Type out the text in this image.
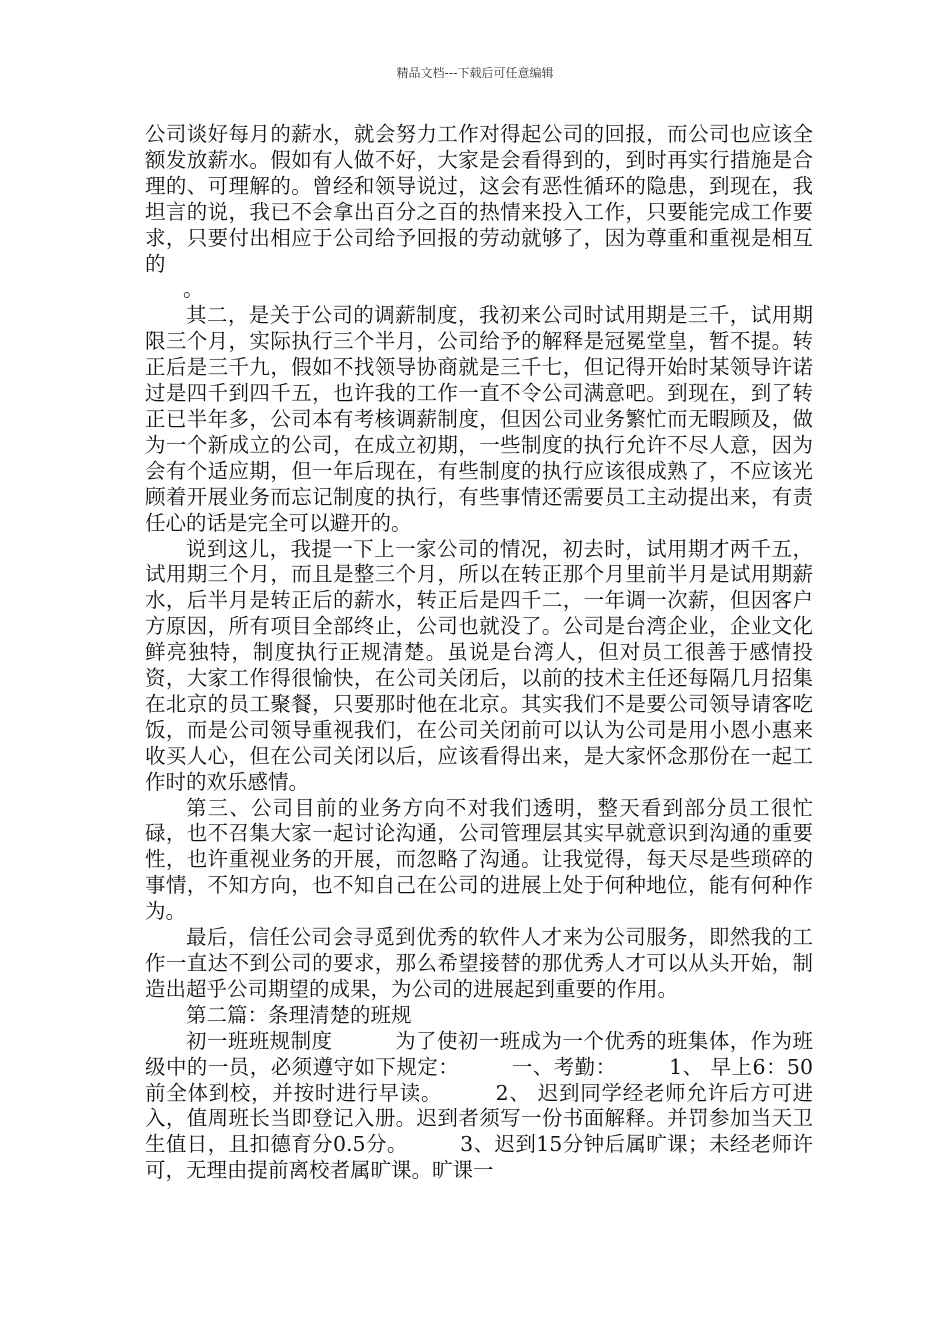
精品文档---下载后可任意编辑

公司谈好每月的薪水，就会努力工作对得起公司的回报，而公司也应该全额发放薪水。假如有人做不好，大家是会看得到的，到时再实行措施是合理的、可理解的。曾经和领导说过，这会有恶性循环的隐患，到现在，我坦言的说，我已不会拿出百分之百的热情来投入工作，只要能完成工作要求，只要付出相应于公司给予回报的劳动就够了，因为尊重和重视是相互的

。

其二，是关于公司的调薪制度，我初来公司时试用期是三千，试用期限三个月，实际执行三个半月，公司给予的解释是冠冕堂皇，暂不提。转正后是三千九，假如不找领导协商就是三千七，但记得开始时某领导许诺过是四千到四千五，也许我的工作一直不令公司满意吧。到现在，到了转正已半年多，公司本有考核调薪制度，但因公司业务繁忙而无暇顾及，做为一个新成立的公司，在成立初期，一些制度的执行允许不尽人意，因为会有个适应期，但一年后现在，有些制度的执行应该很成熟了，不应该光顾着开展业务而忘记制度的执行，有些事情还需要员工主动提出来，有责任心的话是完全可以避开的。

说到这儿，我提一下上一家公司的情况，初去时，试用期才两千五，试用期三个月，而且是整三个月，所以在转正那个月里前半月是试用期薪水，后半月是转正后的薪水，转正后是四千二，一年调一次薪，但因客户方原因，所有项目全部终止，公司也就没了。公司是台湾企业，企业文化鲜亮独特，制度执行正规清楚。虽说是台湾人，但对员工很善于感情投资，大家工作得很愉快，在公司关闭后，以前的技术主任还每隔几月招集在北京的员工聚餐，只要那时他在北京。其实我们不是要公司领导请客吃饭，而是公司领导重视我们，在公司关闭前可以认为公司是用小恩小惠来收买人心，但在公司关闭以后，应该看得出来，是大家怀念那份在一起工作时的欢乐感情。

第三、公司目前的业务方向不对我们透明，整天看到部分员工很忙碌，也不召集大家一起讨论沟通，公司管理层其实早就意识到沟通的重要性，也许重视业务的开展，而忽略了沟通。让我觉得，每天尽是些琐碎的事情，不知方向，也不知自己在公司的进展上处于何种地位，能有何种作为。

最后，信任公司会寻觅到优秀的软件人才来为公司服务，即然我的工作一直达不到公司的要求，那么希望接替的那优秀人才可以从头开始，制造出超乎公司期望的成果，为公司的进展起到重要的作用。

第二篇：条理清楚的班规

初一班班规制度　　　为了使初一班成为一个优秀的班集体，作为班级中的一员，必须遵守如下规定：　　　一、考勤：　　　1、 早上6：50前全体到校，并按时进行早读。　　　2、 迟到同学经老师允许后方可进入，值周班长当即登记入册。迟到者须写一份书面解释。并罚参加当天卫生值日，且扣德育分0.5分。　　　3、迟到15分钟后属旷课；未经老师许可，无理由提前离校者属旷课。旷课一
